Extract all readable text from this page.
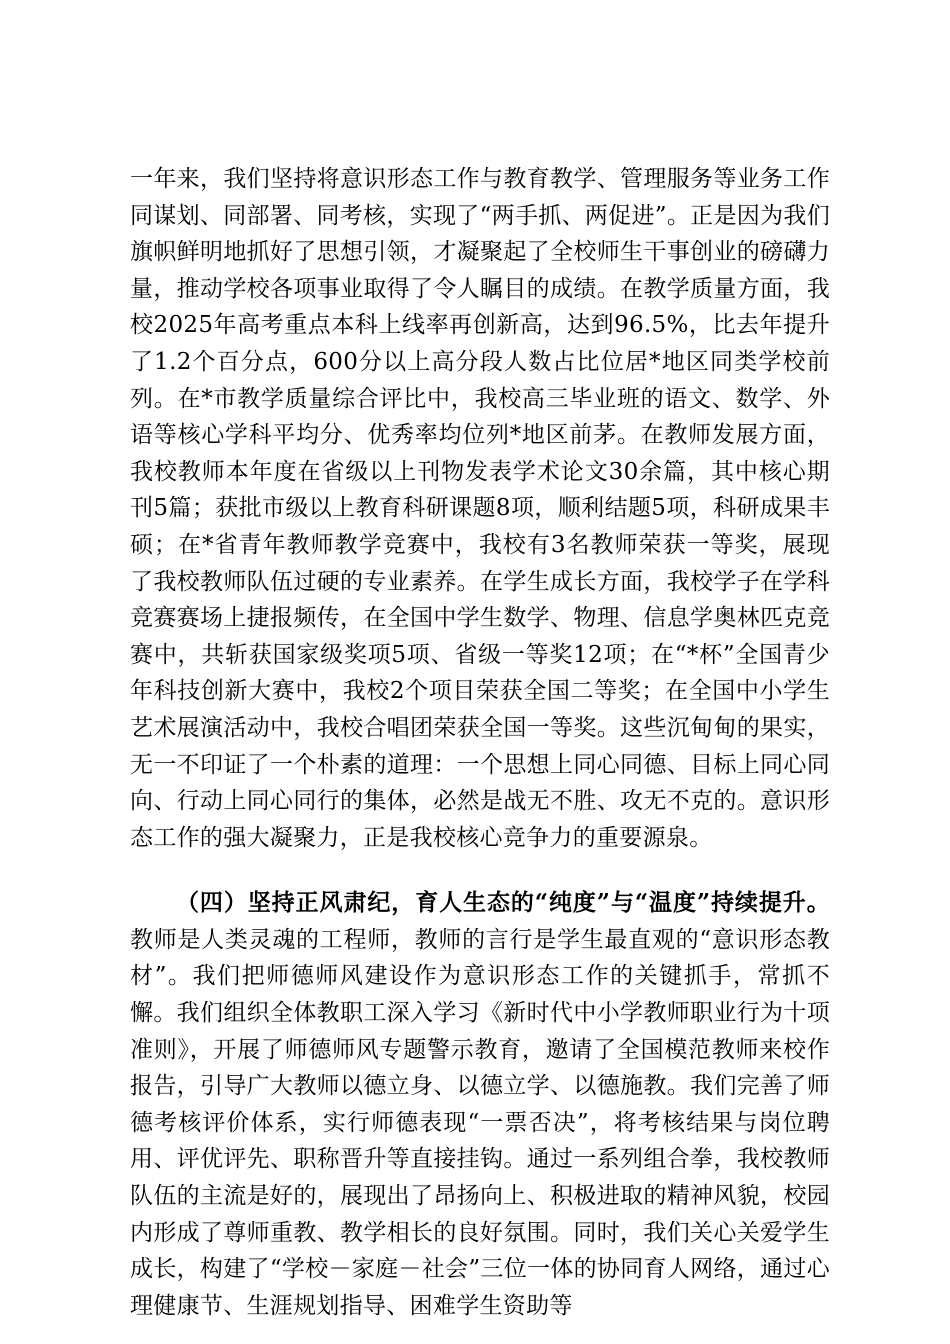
一年来，我们坚持将意识形态工作与教育教学、管理服务等业务工作同谋划、同部署、同考核，实现了“两手抓、两促进”。正是因为我们旗帜鲜明地抓好了思想引领，才凝聚起了全校师生干事创业的磅礴力量，推动学校各项事业取得了令人瞩目的成绩。在教学质量方面，我校2025年高考重点本科上线率再创新高，达到96.5%，比去年提升了1.2个百分点，600分以上高分段人数占比位居*地区同类学校前列。在*市教学质量综合评比中，我校高三毕业班的语文、数学、外语等核心学科平均分、优秀率均位列*地区前茅。在教师发展方面，我校教师本年度在省级以上刊物发表学术论文30余篇，其中核心期刊5篇；获批市级以上教育科研课题8项，顺利结题5项，科研成果丰硕；在*省青年教师教学竞赛中，我校有3名教师荣获一等奖，展现了我校教师队伍过硬的专业素养。在学生成长方面，我校学子在学科竞赛赛场上捷报频传，在全国中学生数学、物理、信息学奥林匹克竞赛中，共斩获国家级奖项5项、省级一等奖12项；在“*杯”全国青少年科技创新大赛中，我校2个项目荣获全国二等奖；在全国中小学生艺术展演活动中，我校合唱团荣获全国一等奖。这些沉甸甸的果实，无一不印证了一个朴素的道理：一个思想上同心同德、目标上同心同向、行动上同心同行的集体，必然是战无不胜、攻无不克的。意识形态工作的强大凝聚力，正是我校核心竞争力的重要源泉。

（四）坚持正风肃纪，育人生态的“纯度”与“温度”持续提升。教师是人类灵魂的工程师，教师的言行是学生最直观的“意识形态教材”。我们把师德师风建设作为意识形态工作的关键抓手，常抓不懈。我们组织全体教职工深入学习《新时代中小学教师职业行为十项准则》，开展了师德师风专题警示教育，邀请了全国模范教师来校作报告，引导广大教师以德立身、以德立学、以德施教。我们完善了师德考核评价体系，实行师德表现“一票否决”，将考核结果与岗位聘用、评优评先、职称晋升等直接挂钩。通过一系列组合拳，我校教师队伍的主流是好的，展现出了昂扬向上、积极进取的精神风貌，校园内形成了尊师重教、教学相长的良好氛围。同时，我们关心关爱学生成长，构建了“学校－家庭－社会”三位一体的协同育人网络，通过心理健康节、生涯规划指导、困难学生资助等
